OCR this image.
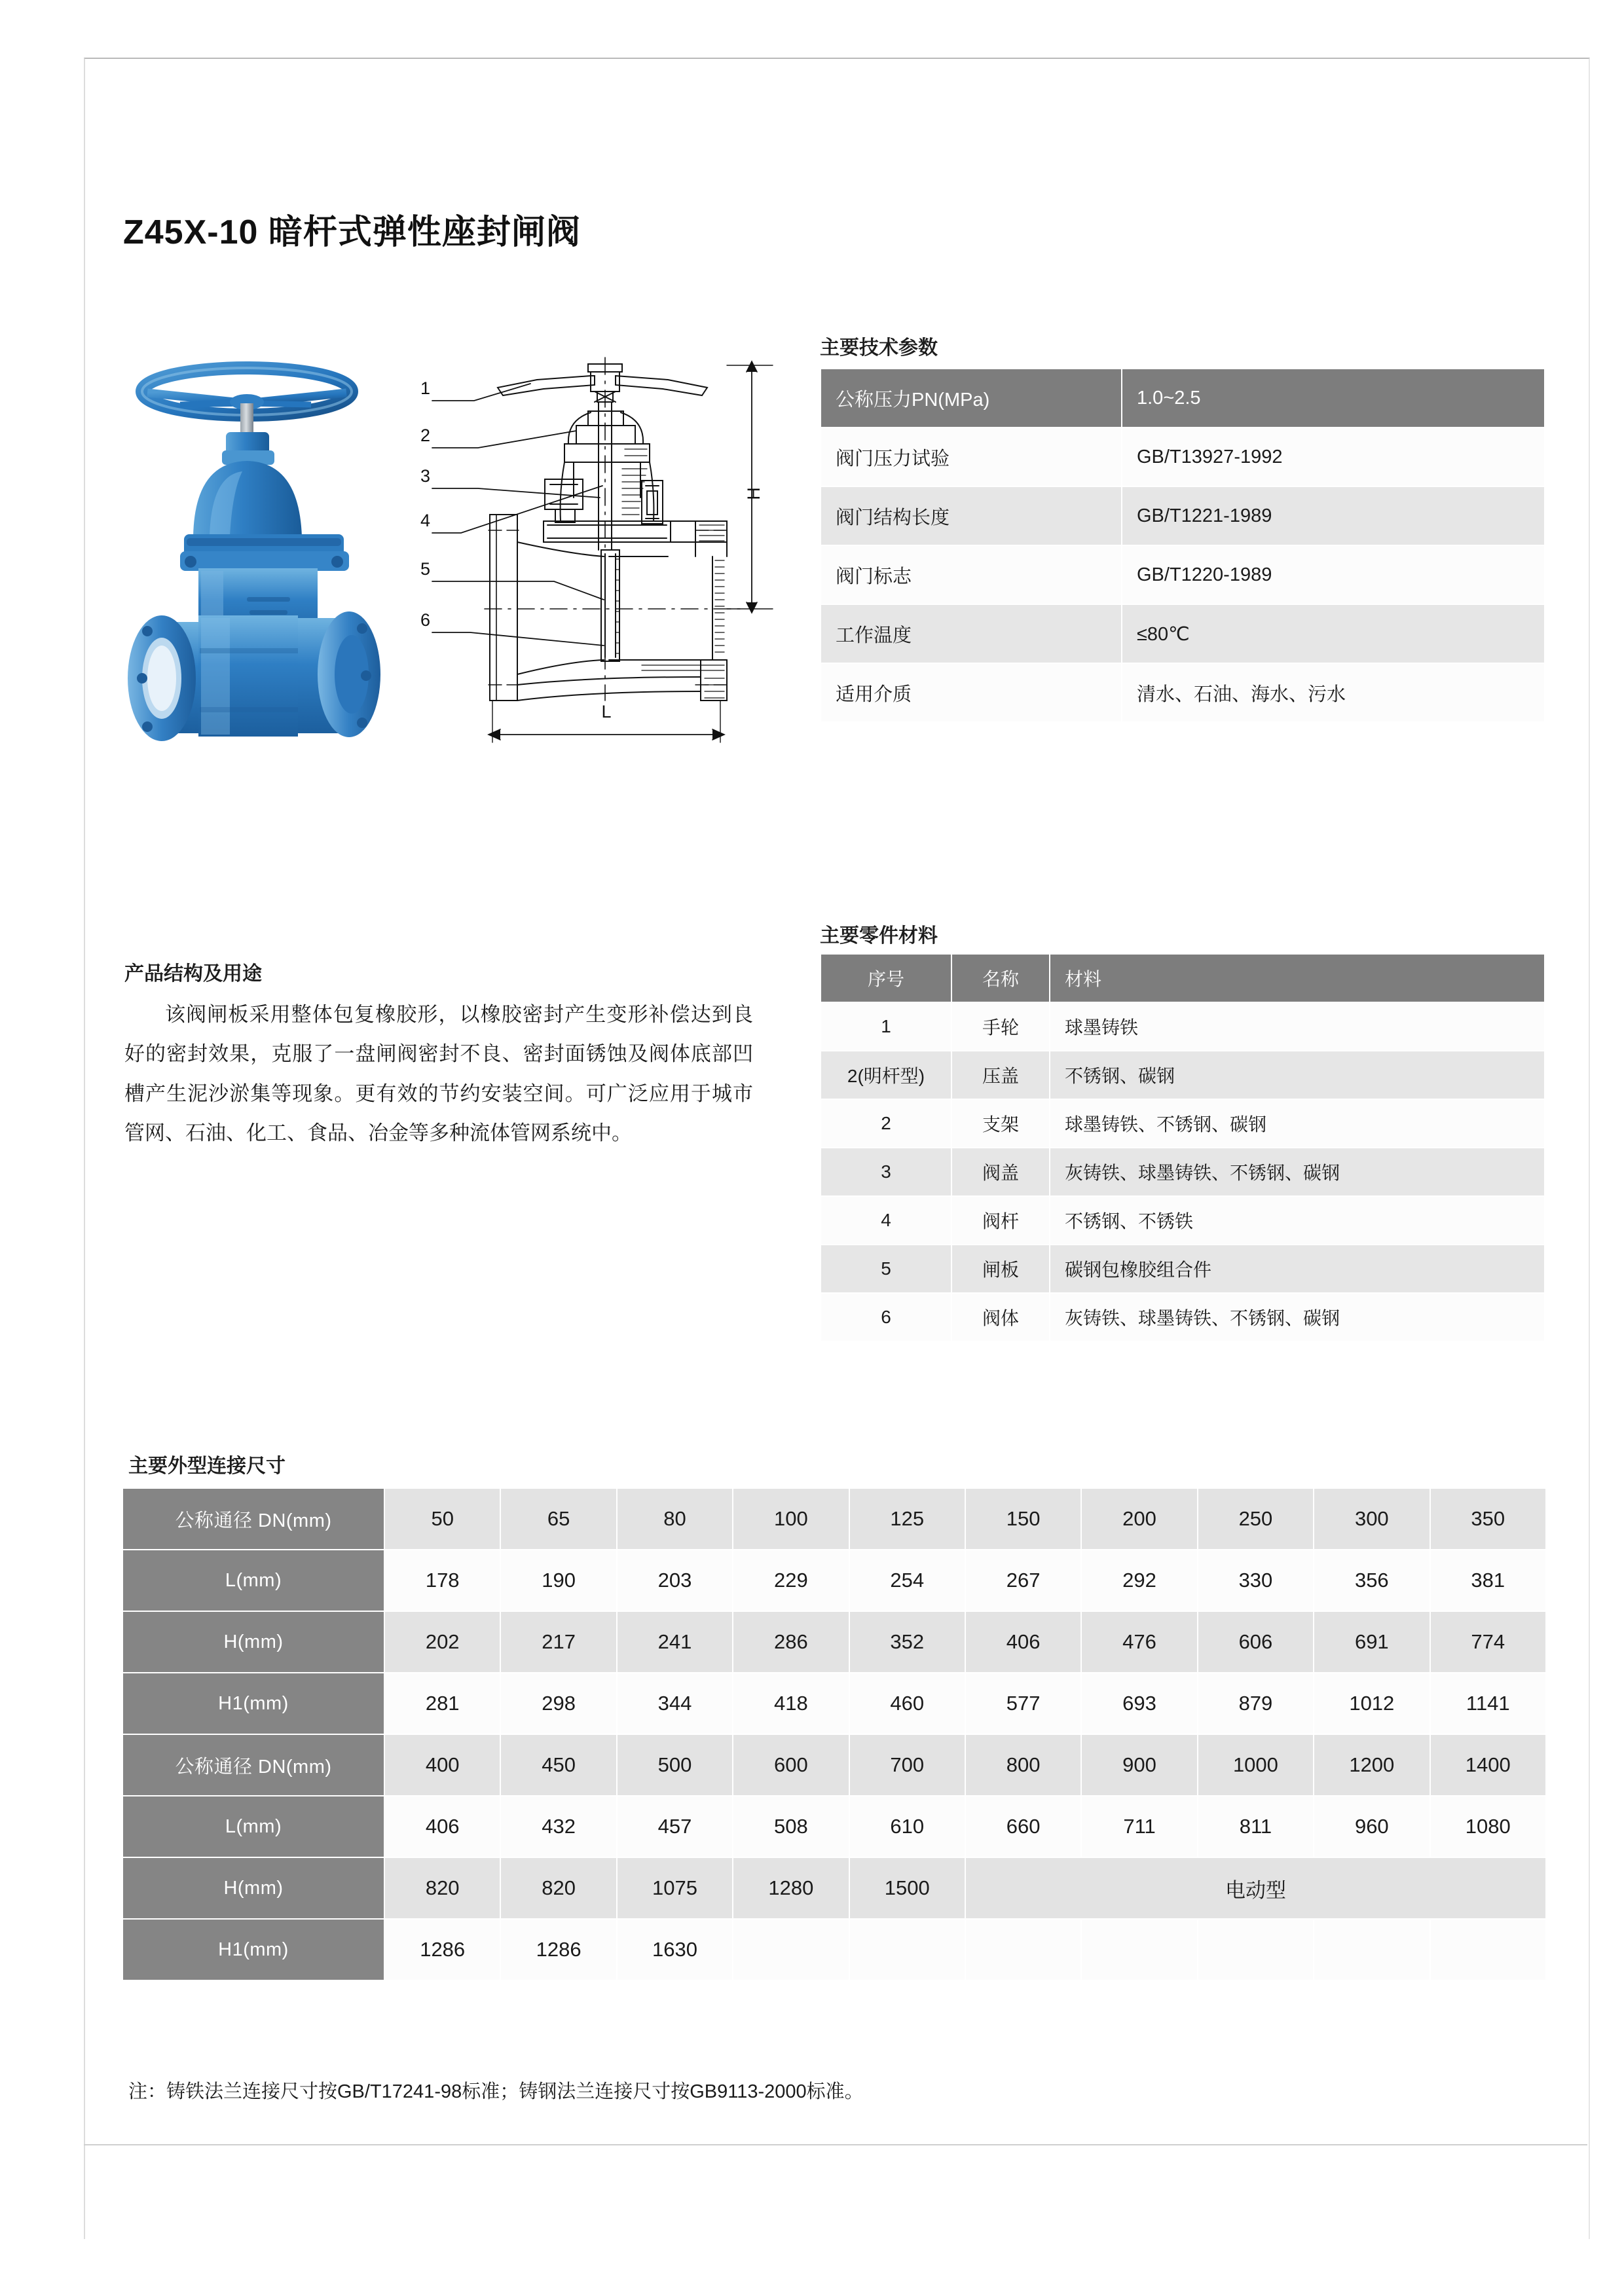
Z45X-10 暗杆式弹性座封闸阀
1
2
3
4
5
6
H
L
主要技术参数
公称压力PN(MPa)	1.0~2.5
阀门压力试验	GB/T13927-1992
阀门结构长度	GB/T1221-1989
阀门标志	GB/T1220-1989
工作温度	≤80℃
适用介质	清水、石油、海水、污水
产品结构及用途
该阀闸板采用整体包复橡胶形，以橡胶密封产生变形补偿达到良好的密封效果，克服了一盘闸阀密封不良、密封面锈蚀及阀体底部凹槽产生泥沙淤集等现象。更有效的节约安装空间。可广泛应用于城市管网、石油、化工、食品、冶金等多种流体管网系统中。
主要零件材料
序号	名称	材料
1	手轮	球墨铸铁
2(明杆型)	压盖	不锈钢、碳钢
2	支架	球墨铸铁、不锈钢、碳钢
3	阀盖	灰铸铁、球墨铸铁、不锈钢、碳钢
4	阀杆	不锈钢、不锈铁
5	闸板	碳钢包橡胶组合件
6	阀体	灰铸铁、球墨铸铁、不锈钢、碳钢
主要外型连接尺寸
公称通径 DN(mm)	50	65	80	100	125	150	200	250	300	350
L(mm)	178	190	203	229	254	267	292	330	356	381
H(mm)	202	217	241	286	352	406	476	606	691	774
H1(mm)	281	298	344	418	460	577	693	879	1012	1141
公称通径 DN(mm)	400	450	500	600	700	800	900	1000	1200	1400
L(mm)	406	432	457	508	610	660	711	811	960	1080
H(mm)	820	820	1075	1280	1500	电动型				
H1(mm)	1286	1286	1630							
注：铸铁法兰连接尺寸按GB/T17241-98标准；铸钢法兰连接尺寸按GB9113-2000标准。
